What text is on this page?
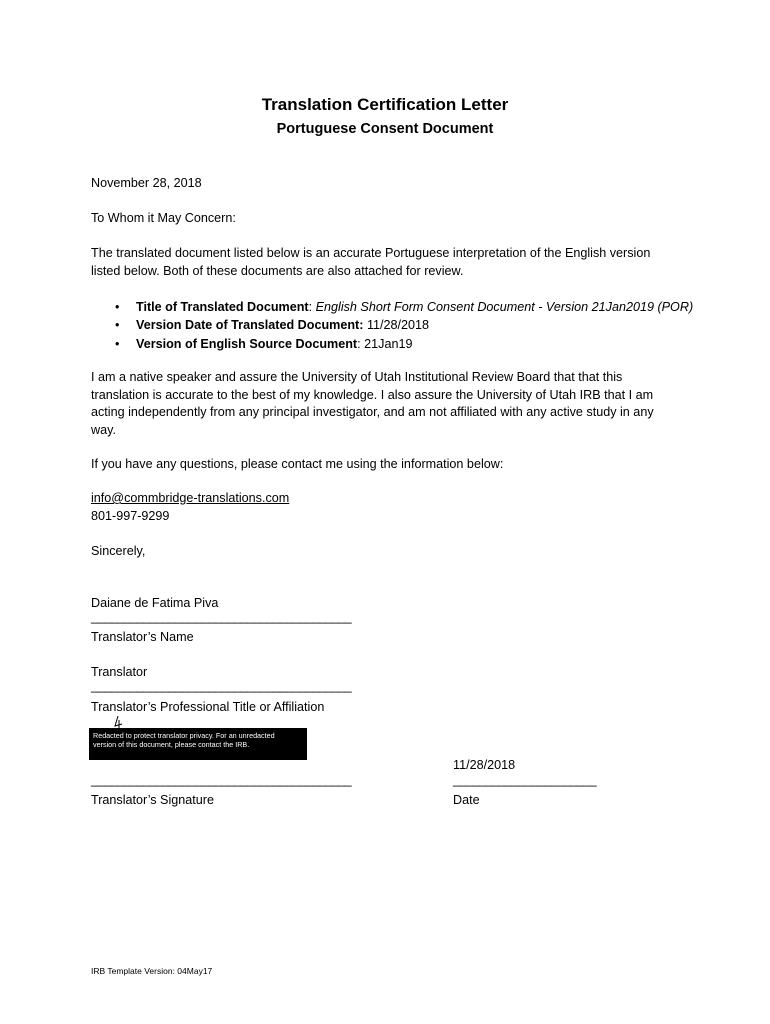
Translation Certification Letter
Portuguese Consent Document
November 28, 2018
To Whom it May Concern:
The translated document listed below is an accurate Portuguese interpretation of the English version
listed below. Both of these documents are also attached for review.
• Title of Translated Document: English Short Form Consent Document - Version 21Jan2019 (POR)
• Version Date of Translated Document: 11/28/2018
• Version of English Source Document: 21Jan19
I am a native speaker and assure the University of Utah Institutional Review Board that that this
translation is accurate to the best of my knowledge. I also assure the University of Utah IRB that I am
acting independently from any principal investigator, and am not affiliated with any active study in any
way.
If you have any questions, please contact me using the information below:
info@commbridge-translations.com
801-997-9299
Sincerely,
Daiane de Fatima Piva
________________________________________
Translator’s Name
Translator
________________________________________
Translator’s Professional Title or Affiliation
Redacted to protect translator privacy. For an unredacted
version of this document, please contact the IRB.
11/28/2018
________________________________________	______________________
Translator’s Signature	Date
IRB Template Version: 04May17
